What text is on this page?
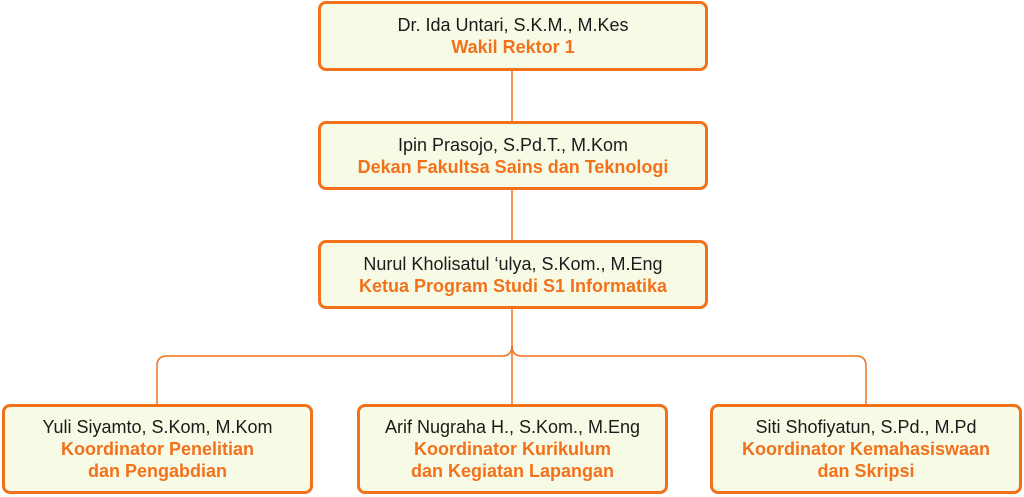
Dr. Ida Untari, S.K.M., M.Kes
Wakil Rektor 1
Ipin Prasojo, S.Pd.T., M.Kom
Dekan Fakultsa Sains dan Teknologi
Nurul Kholisatul ‘ulya, S.Kom., M.Eng
Ketua Program Studi S1 Informatika
Yuli Siyamto, S.Kom, M.Kom
Koordinator Penelitian
dan Pengabdian
Arif Nugraha H., S.Kom., M.Eng
Koordinator Kurikulum
dan Kegiatan Lapangan
Siti Shofiyatun, S.Pd., M.Pd
Koordinator Kemahasiswaan
dan Skripsi
